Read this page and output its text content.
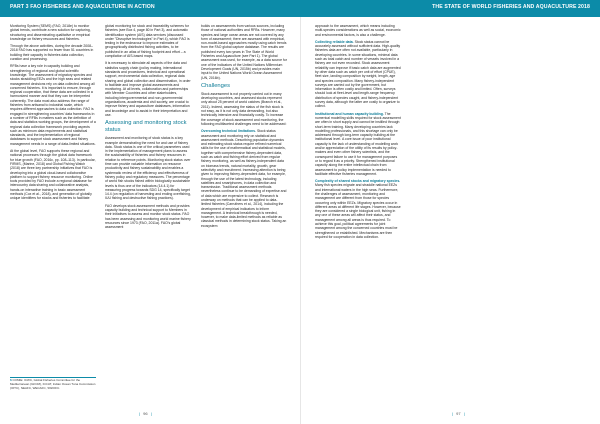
PART 3 FAO FISHERIES AND AQUACULTURE IN ACTION

Monitoring System (SEMS) (FAO, 2018e) to monitor global trends, contribute a new solution for capturing, structuring and disseminating qualitative or empirical knowledge on fishery resources and fisheries.

Through the above activities, during the decade 2008–2018 FAO has supported no fewer than 51 countries in building their capacity in fisheries data collection, curation and processing.

RFBs have a key role in capacity building and strengthening of regional and global scientific knowledge. The assessment of migratory species and stocks straddling EEZs and the high seas and related management decisions rely on data collected among all concerned fisheries. It is important to ensure, through regional cooperation, that these data are collected in a harmonized manner and that they can be interpreted coherently. The data must also address the range of fisheries from artisanal to industrial scale, which requires different approaches to data collection. FAO is engaged in strengthening countries' data frameworks in a number of RFBs in matters such as the definition of data and statistics working groups, the development of a regional data collection framework providing aspects such as minimum data requirements and statistical standards, and the implementation of regional databases to support stock assessment and fishery management needs in a range of data-limited situations.

At the global level, FAO supports these regional and national processes through the global data framework for blue growth (FAO, 2016c, pp. 108–113). In particular, FIRMS, (Marine, 2018) and Global Fishing Watch (2018) are three key partnership initiatives that FAO is developing into a global cloud-based collaborative platform to support fishery resource monitoring. Online tools provided by FAO include a regional database for intercountry data sharing and collaborative analysis, hands-on interactive training in basic assessment methods (Cox et al., 2018), and generation of globally unique identifiers for stocks and fisheries to facilitate

6 COMIE: ICWC, Global Fisheries Committee for the Mediterranean (GFCM), ICCAT, Indian Ocean Tuna Commission (IOTC), NEAFC, WECAFC, SWIOFC.

global monitoring for stock and traceability schemes for fisheries (see Box 4, page 80 in Part 3), and automatic identification system (AIS) data services (discussed under "Disruptive technologies" in Part 4), which FAO is testing in the endeavour to improve estimates of geographically distributed fishing activities, to be published in an atlas of fishing footprint and effort – a compilation of AIS-based maps.

It is necessary to stimulate all aspects of the data and statistics supply chain (policy making, international standards and procedures, technical and operational support, environmental data collection, regional data sharing and global collection and dissemination, in order to facilitate and improve global assessments and monitoring. At all levels, collaboration and partnerships with Member Countries and other stakeholders, including intergovernmental and non-governmental organizations, academia and civil society, are crucial to improve fishery and aquaculture databases, information and knowledge and to assist in their interpretation and use.

Assessing and monitoring stock status

Assessment and monitoring of stock status is a key example demonstrating the need for and use of fishery data. Stock status is one of the critical parameters used in the implementation of management plans to assess the sustainability of fisheries and fishery resources in relation to reference points. Monitoring stock status over time can provide valuable information on resource productivity and fishery sustainability and enables a systematic review of the efficiency and effectiveness of fishery policy and regulatory measures. The percentage of world fish stocks fished within biologically sustainable levels is thus one of the indicators (14.4.1) for measuring progress towards SDG 14, specifically target 14.4 (on regulation of harvesting and ending overfishing, IUU fishing and destructive fishing practices).

FAO develops stock assessment methods and provides capacity building and technical support to Members in their initiatives to assess and monitor stock status. FAO has been assessing and monitoring world marine fishery resources since 1973 (FAO, 2011a). FAO's global assessment

builds on assessments from various sources, including those of national authorities and RFBs. However, many species and large ocean areas are not covered by any form of assessment; there are assessed with empirical, non-model-based approaches mostly using catch trends from the FAO global capture database. The results are published every two years in The State of World Fisheries and Aquaculture (see Part 1). The global assessment was used, for example, as a data source for one of the indicators of the United Nations Millennium Development Goals (UN, 2015b) and provides main input to the United Nations World Ocean Assessment (UN, 2016b).

Challenges

Stock assessment is not properly carried out in many developing countries, and assessed stocks represent only about 25 percent of world catches (Branch et al., 2011). Indeed, assessing the status of the fish stock is not easy, as it is not only data demanding, but also technically intensive and financially costly. To increase the coverage of stock assessment and monitoring, the following multifaceted challenges need to be addressed:

Overcoming technical limitations. Stock status assessment and monitoring rely on statistical and assessment methods. Describing population dynamics and estimating stock status require refined numerical skills for the use of mathematical and statistical models, together with comprehensive fishery-dependent data, such as catch and fishing effort derived from regular fishery monitoring, as well as fishery-independent data on biomass trends, natural mortality, growth, gear selectivity and recruitment. Increasing attention is being given to improving fishery-dependent data, for example, through the use of the latest technology, including satellites and smartphones, in data collection and transmission. Traditional assessment methods nevertheless continue to be demanding of expertise and of data which are expensive to collect. Research is underway on methods that can be applied to data-limited fisheries (Carruthers et al., 2014), including the development of empirical indicators to inform management. A technical breakthrough is needed, however, to make data-limited methods as reliable as classical methods in determining stock status. Taking an ecosystem

| 96 |
THE STATE OF WORLD FISHERIES AND AQUACULTURE 2018

approach to the assessment, which means including multi-species considerations as well as social, economic and environmental factors, is also a challenge.

Collecting reliable data. Stock status cannot be accurately assessed without sufficient data. High-quality fisheries data are often not available, particularly in developing countries. In some situations, minimal data such as total catch and number of vessels involved in a fishery are not even recorded. Stock assessment reliability can improve if basic catch data are augmented by other data such as catch per unit of effort (CPUE), fleet size, landing composition by weight, length, age and species composition. Many fishery-independent surveys are carried out by the government, but information is often costly and limited. Often, surveys should look at fleet-level and length-range frequency distribution of species caught, and fishery-independent survey data, although the latter are costly to organize to collect.

Institutional and human capacity building. The numerical modelling skills required for stock assessment are often in short supply and cannot be instilled through short-term training. Many developing countries lack modelling professionals, and this shortage can only be addressed through long-term capacity building at the institutional level. A core issue of poor institutional capacity is the lack of understanding of modelling work and/or appreciation of the utility of its results by policy-makers and even other fishery scientists, and the consequent failure to use it for management purposes or to regard it as a priority. Strengthened institutional capacity along the entire intellectual chain from assessment to policy implementation is needed to facilitate effective fisheries management.

Complexity of shared stocks and migratory species. Many fish species migrate and straddle national EEZs and international waters in the high seas. Furthermore, the challenges of assessment, monitoring and management are different from those for species occurring only within EEZs. Migratory species occur in different areas at different life stages. However, because they are considered a single biological unit, fishing in any one of these areas will affect their status, and management among all areas is thus required. To achieve this goal, political agreements for joint management among the concerned countries must be strengthened or established. Mechanisms are then required for cooperation in data collection.

| 97 |
